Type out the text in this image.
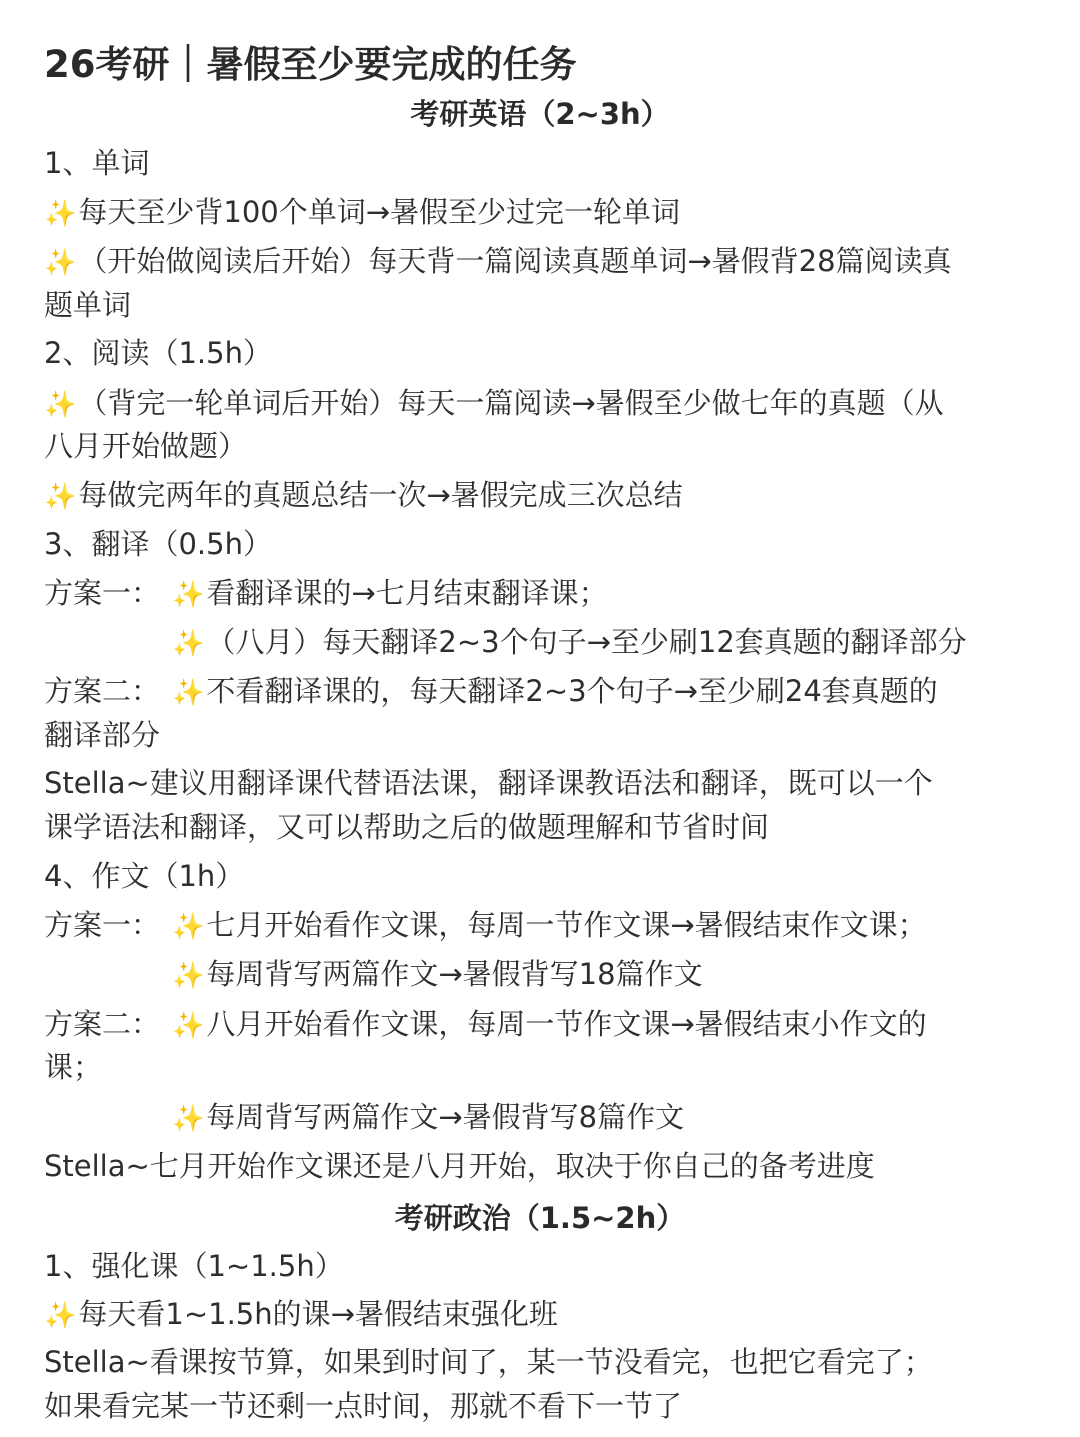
26考研｜暑假至少要完成的任务
考研英语（2~3h）
1、单词
✨每天至少背100个单词→暑假至少过完一轮单词
✨（开始做阅读后开始）每天背一篇阅读真题单词→暑假背28篇阅读真
题单词
2、阅读（1.5h）
✨（背完一轮单词后开始）每天一篇阅读→暑假至少做七年的真题（从
八月开始做题）
✨每做完两年的真题总结一次→暑假完成三次总结
3、翻译（0.5h）
方案一： ✨看翻译课的→七月结束翻译课；
✨（八月）每天翻译2~3个句子→至少刷12套真题的翻译部分
方案二： ✨不看翻译课的，每天翻译2~3个句子→至少刷24套真题的
翻译部分
Stella~建议用翻译课代替语法课，翻译课教语法和翻译，既可以一个
课学语法和翻译，又可以帮助之后的做题理解和节省时间
4、作文（1h）
方案一： ✨七月开始看作文课，每周一节作文课→暑假结束作文课；
✨每周背写两篇作文→暑假背写18篇作文
方案二： ✨八月开始看作文课，每周一节作文课→暑假结束小作文的
课；
✨每周背写两篇作文→暑假背写8篇作文
Stella~七月开始作文课还是八月开始，取决于你自己的备考进度
考研政治（1.5~2h）
1、强化课（1~1.5h）
✨每天看1~1.5h的课→暑假结束强化班
Stella~看课按节算，如果到时间了，某一节没看完，也把它看完了；
如果看完某一节还剩一点时间，那就不看下一节了
